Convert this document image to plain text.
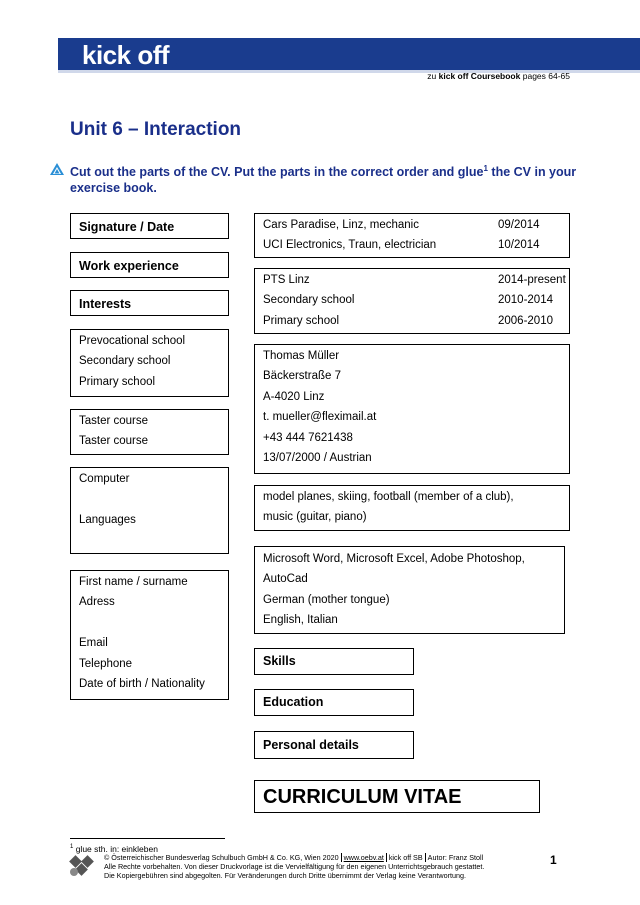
kick off
zu kick off Coursebook pages 64-65
Unit 6 – Interaction
Cut out the parts of the CV. Put the parts in the correct order and glue$^1$ the CV in your exercise book.
Signature / Date
Work experience
Interests
Prevocational school
Secondary school
Primary school
Taster course
Taster course
Computer
Languages
First name / surname
Adress
Email
Telephone
Date of birth / Nationality
Cars Paradise, Linz, mechanic	09/2014
UCI Electronics, Traun, electrician	10/2014
PTS Linz	2014-present
Secondary school	2010-2014
Primary school	2006-2010
Thomas Müller
Bäckerstraße 7
A-4020 Linz
t. mueller@fleximail.at
+43 444 7621438
13/07/2000 / Austrian
model planes, skiing, football (member of a club),
music (guitar, piano)
Microsoft Word, Microsoft Excel, Adobe Photoshop,
AutoCad
German (mother tongue)
English, Italian
Skills
Education
Personal details
CURRICULUM VITAE
$^1$ glue sth. in: einkleben
© Österreichischer Bundesverlag Schulbuch GmbH & Co. KG, Wien 2020 www.oebv.at kick off SB Autor: Franz Stoll
Alle Rechte vorbehalten. Von dieser Druckvorlage ist die Vervielfältigung für den eigenen Unterrichtsgebrauch gestattet.
Die Kopiergebühren sind abgegolten. Für Veränderungen durch Dritte übernimmt der Verlag keine Verantwortung.
1
